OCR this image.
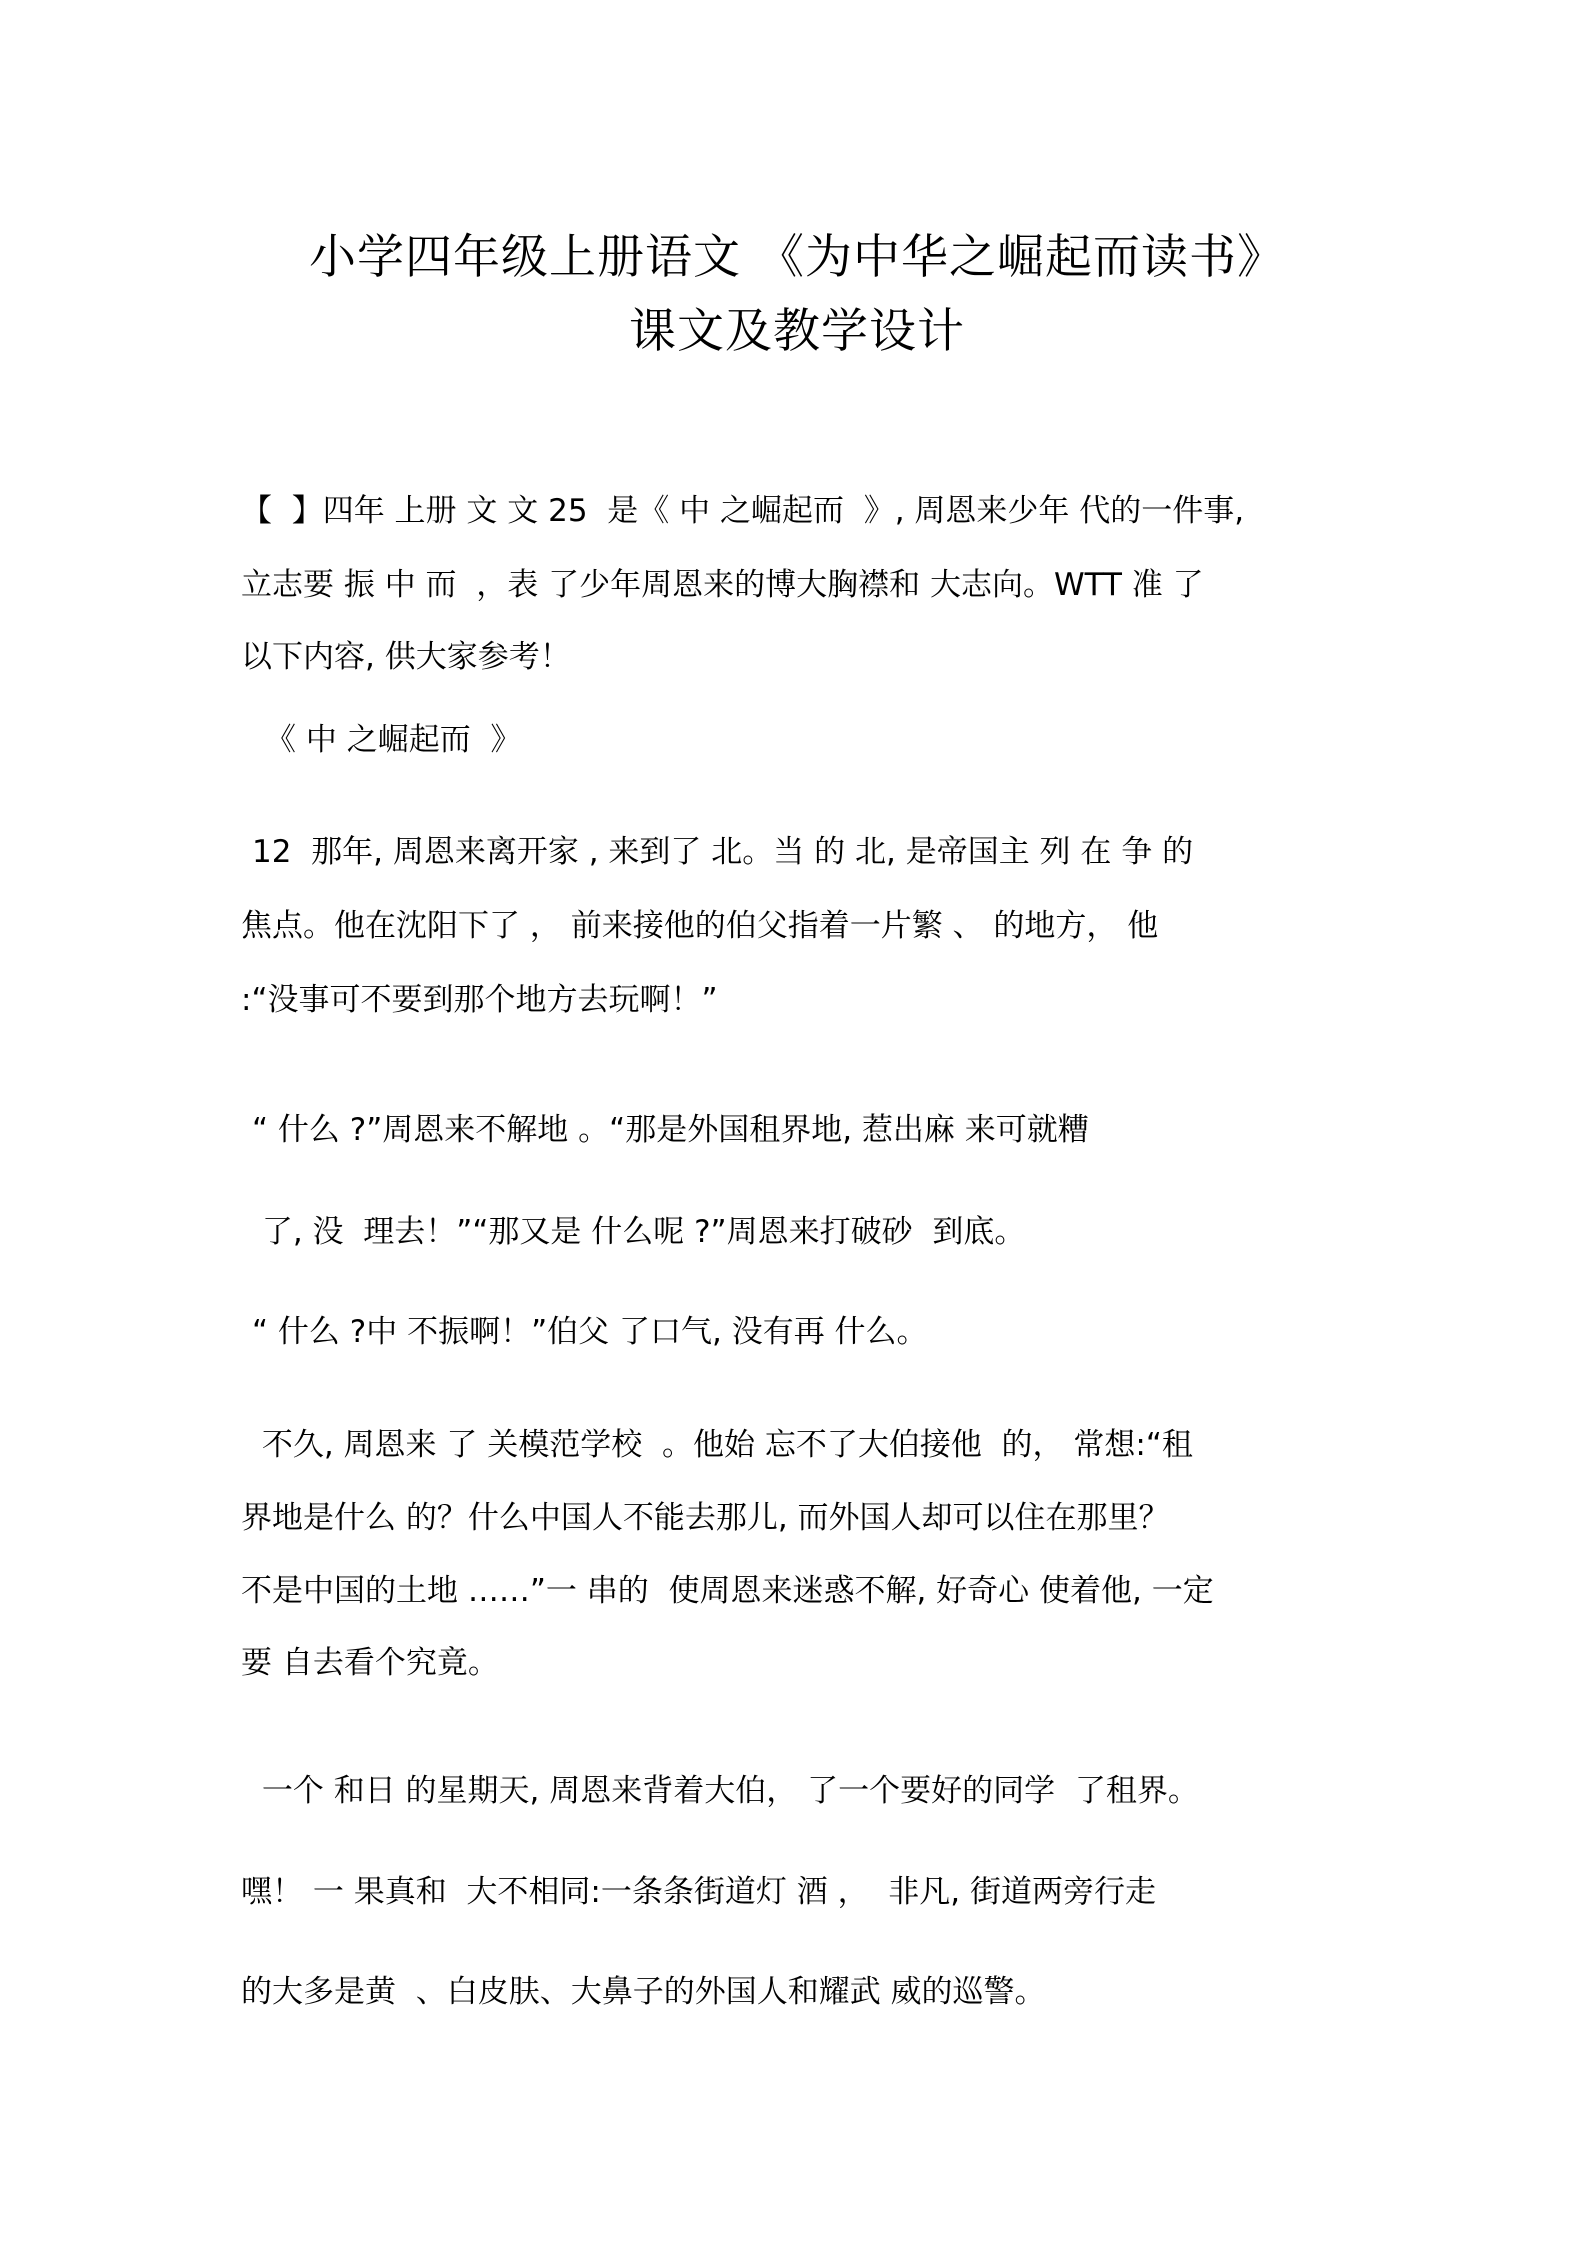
小学四年级上册语文 《为中华之崛起而读书》
课文及教学设计
【  】四年 上册 文 文 25  是《 中 之崛起而  》, 周恩来少年 代的一件事,
立志要 振 中 而  ，表 了少年周恩来的博大胸襟和 大志向。WTT 准 了
以下内容, 供大家参考！
《 中 之崛起而  》
12  那年, 周恩来离开家 , 来到了 北。当 的 北, 是帝国主 列 在 争 的
焦点。他在沈阳下了 ， 前来接他的伯父指着一片繁 、 的地方， 他
:“没事可不要到那个地方去玩啊！”
“ 什么 ?”周恩来不解地 。“那是外国租界地, 惹出麻 来可就糟
了, 没  理去！”“那又是 什么呢 ?”周恩来打破砂  到底。
“ 什么 ?中 不振啊！”伯父 了口气, 没有再 什么。
不久, 周恩来 了 关模范学校  。他始 忘不了大伯接他  的， 常想:“租
界地是什么 的？什么中国人不能去那儿, 而外国人却可以住在那里？
不是中国的土地 ……”一 串的  使周恩来迷惑不解, 好奇心 使着他, 一定
要 自去看个究竟。
一个 和日 的星期天, 周恩来背着大伯， 了一个要好的同学  了租界。
嘿！ 一 果真和  大不相同:一条条街道灯 酒 ，  非凡, 街道两旁行走
的大多是黄  、白皮肤、大鼻子的外国人和耀武 威的巡警。
